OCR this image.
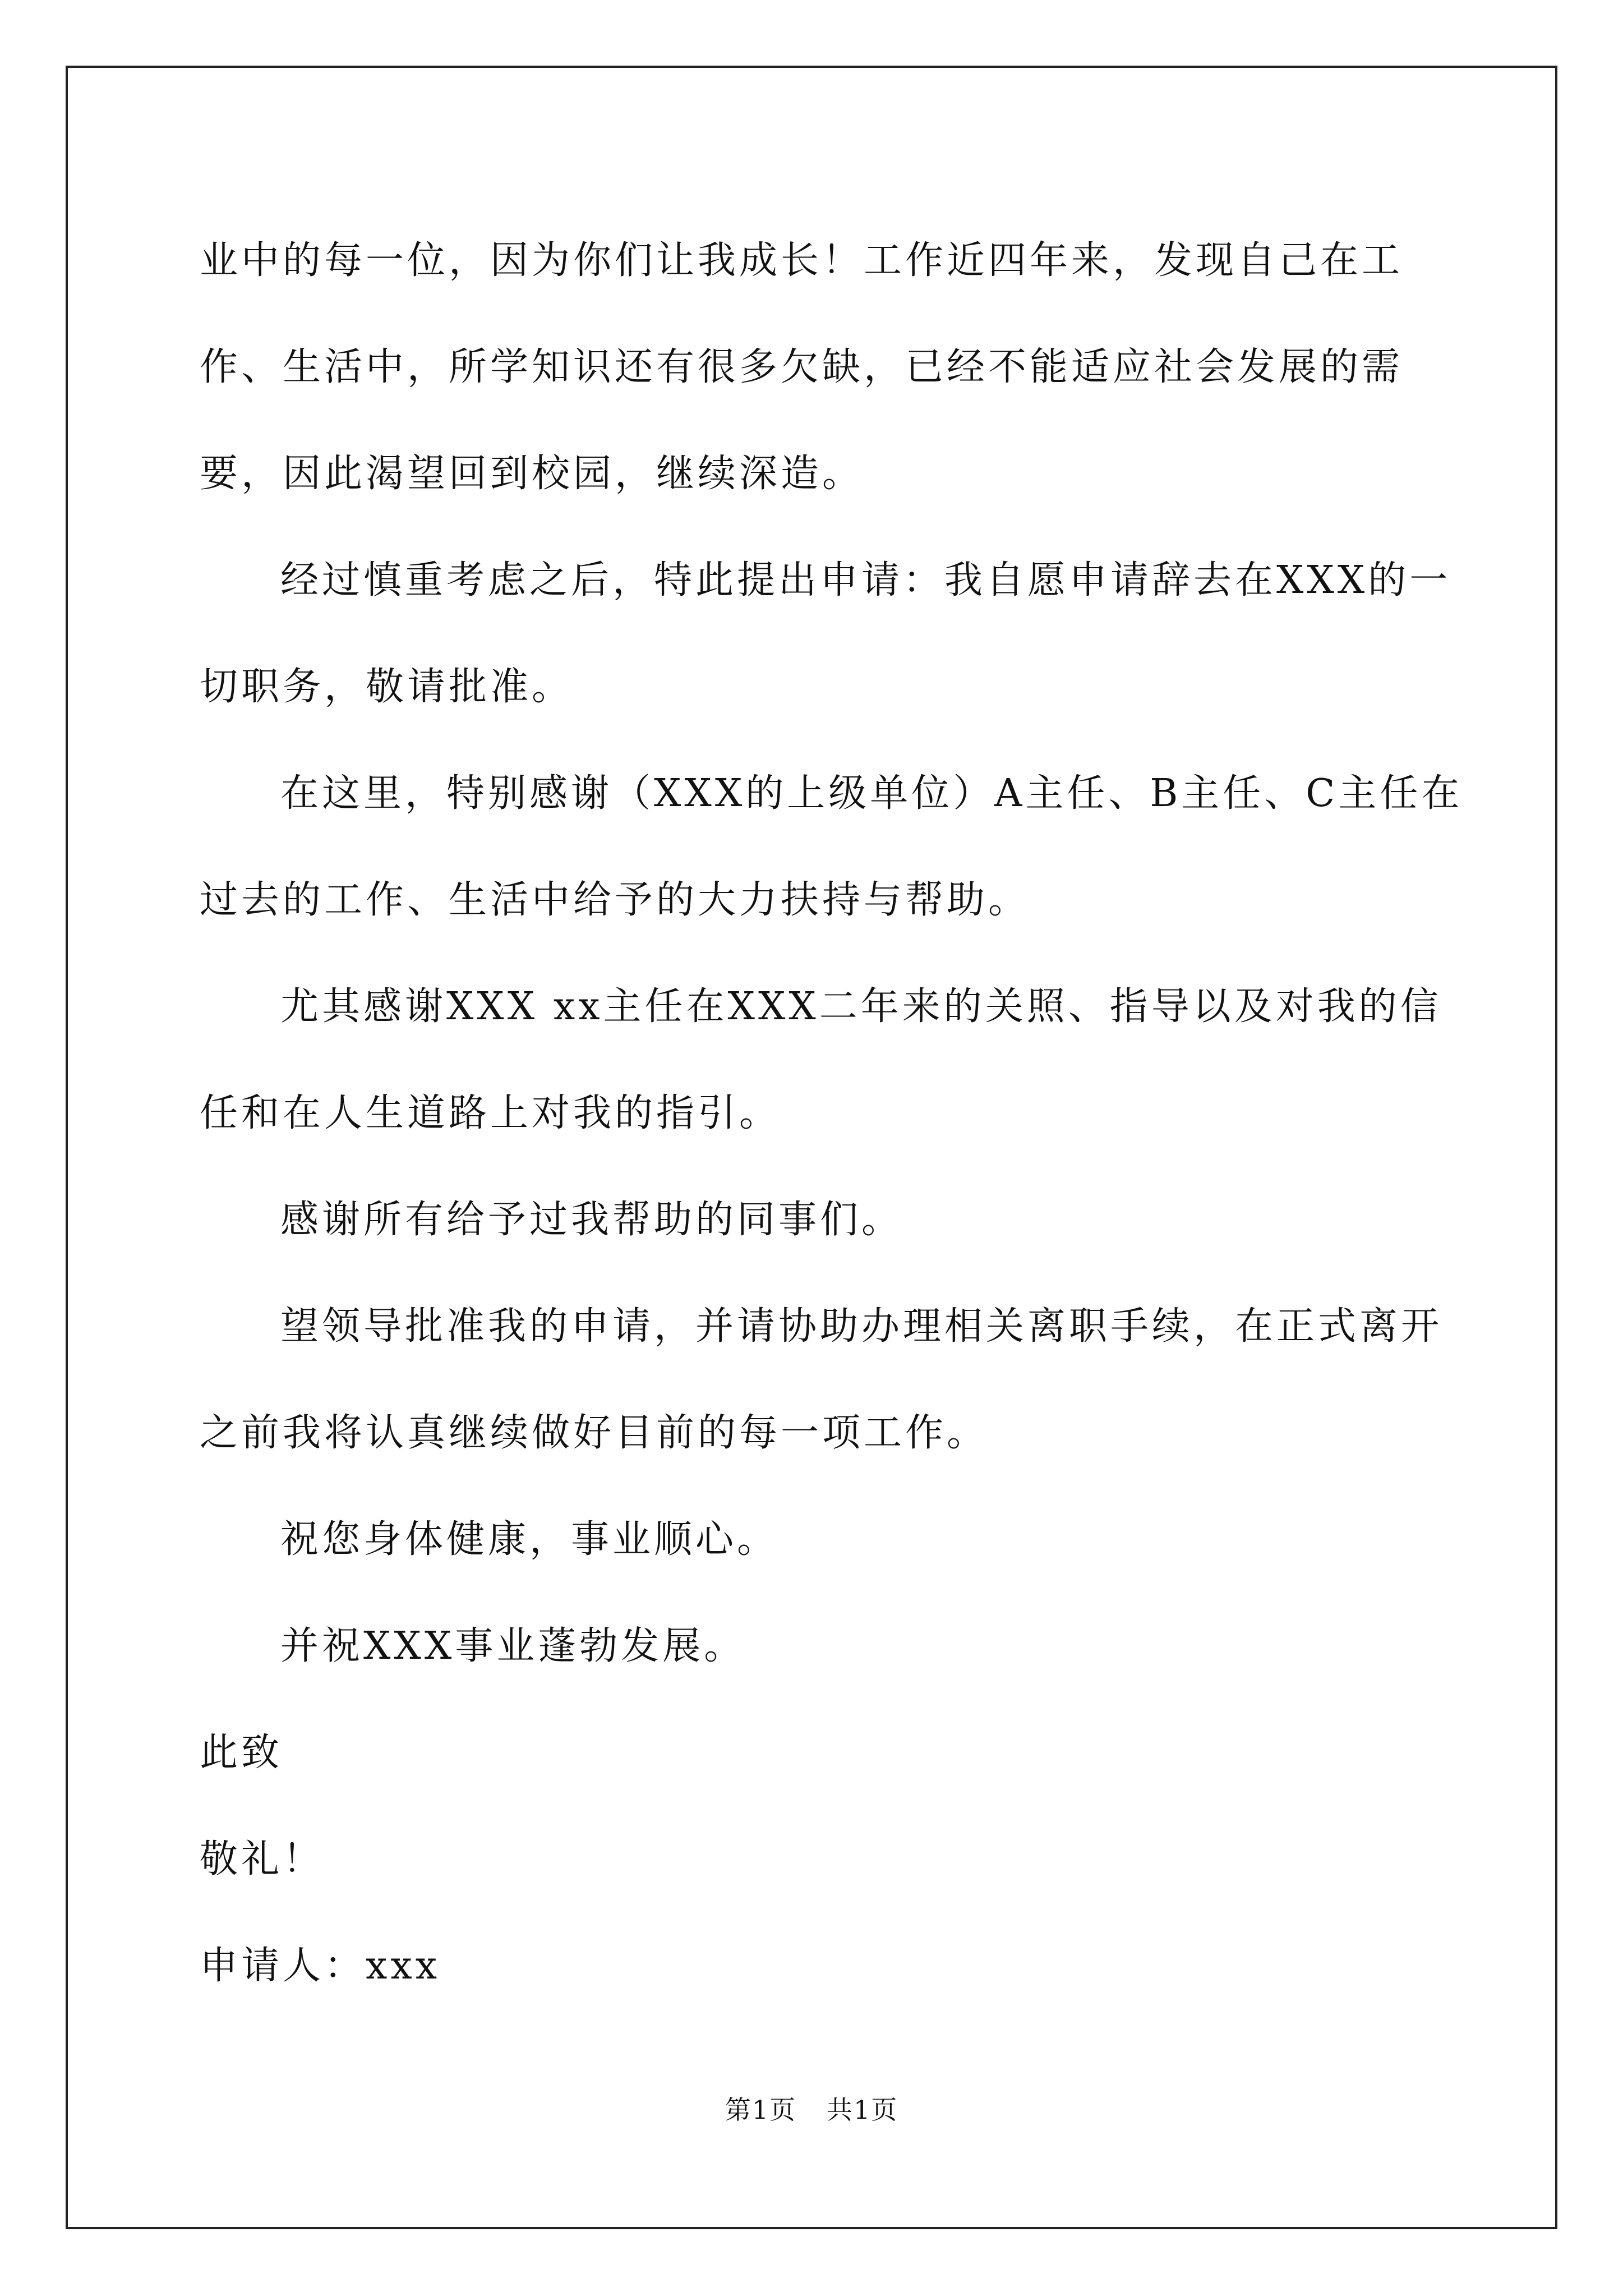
业中的每一位，因为你们让我成长！工作近四年来，发现自己在工作、生活中，所学知识还有很多欠缺，已经不能适应社会发展的需要，因此渴望回到校园，继续深造。

经过慎重考虑之后，特此提出申请：我自愿申请辞去在XXX的一切职务，敬请批准。

在这里，特别感谢（XXX的上级单位）A主任、B主任、C主任在过去的工作、生活中给予的大力扶持与帮助。

尤其感谢XXX xx主任在XXX二年来的关照、指导以及对我的信任和在人生道路上对我的指引。

感谢所有给予过我帮助的同事们。

望领导批准我的申请，并请协助办理相关离职手续，在正式离开之前我将认真继续做好目前的每一项工作。

祝您身体健康，事业顺心。

并祝XXX事业蓬勃发展。

此致

敬礼！

申请人：xxx

第1页 共1页
